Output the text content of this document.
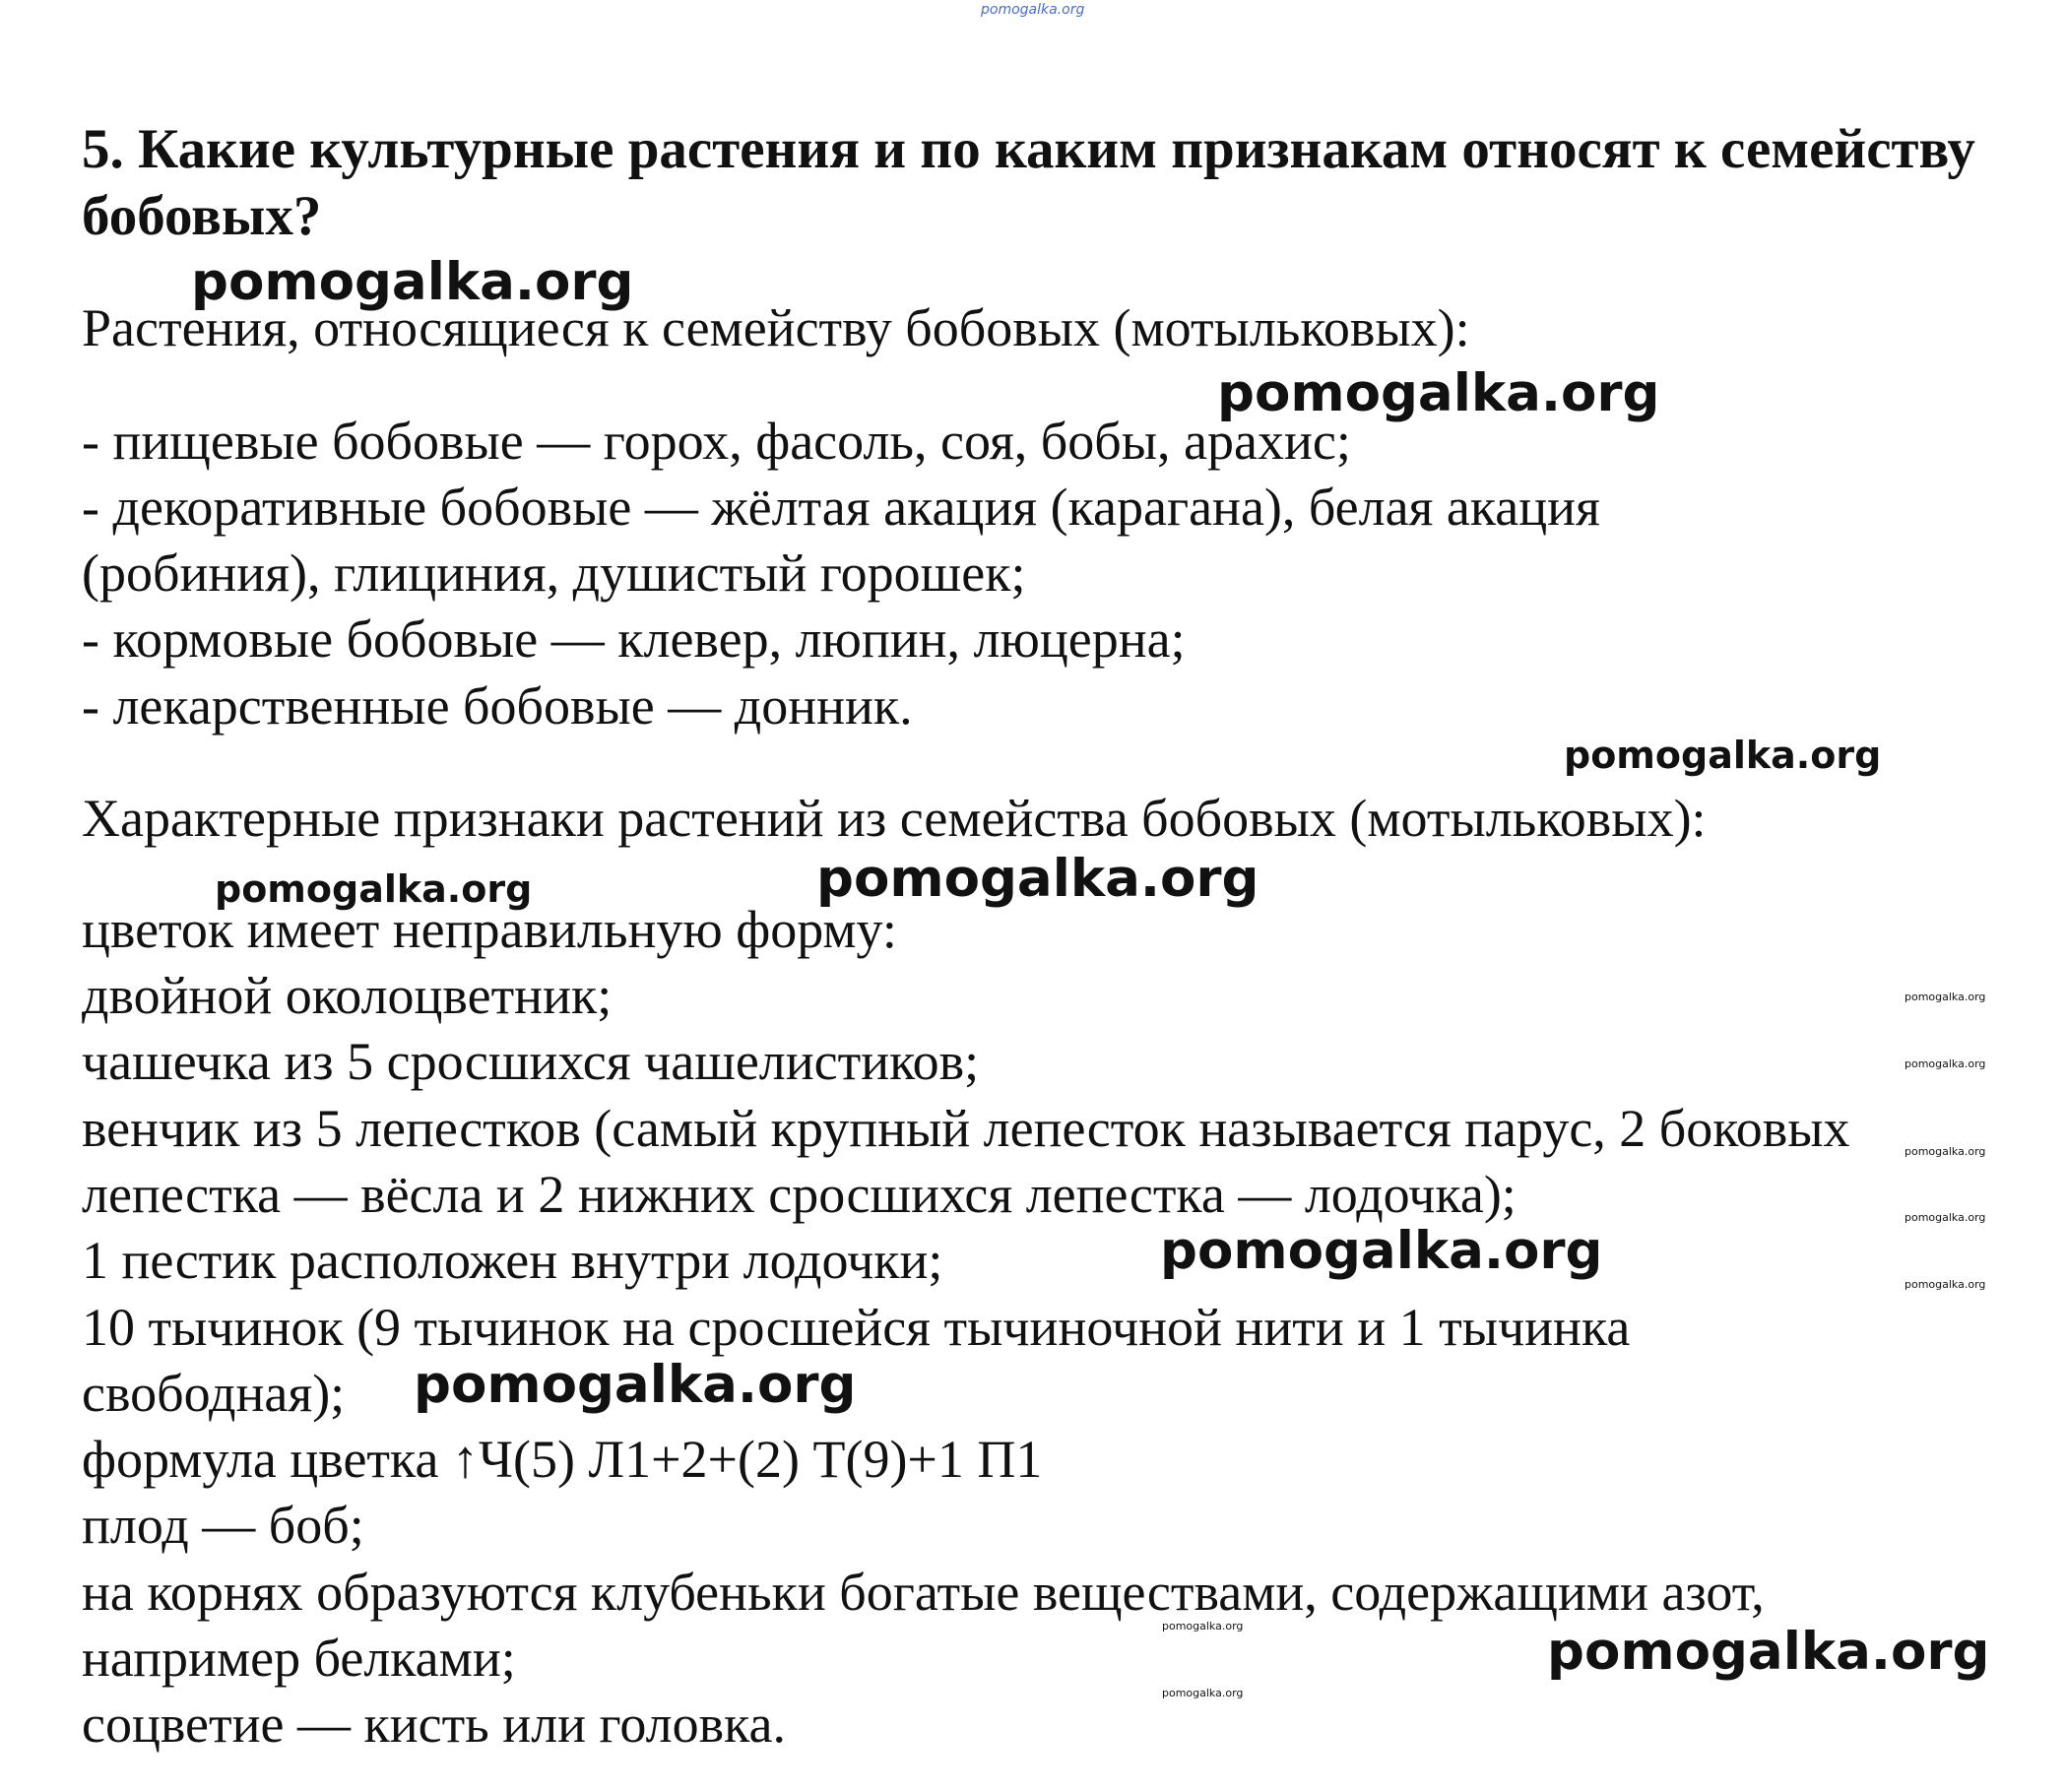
pomogalka.org
5. Какие культурные растения и по каким признакам относят к семейству бобовых?
pomogalka.org

Растения, относящиеся к семейству бобовых (мотыльковых):

pomogalka.org

- пищевые бобовые — горох, фасоль, соя, бобы, арахис;

- декоративные бобовые — жёлтая акация (карагана), белая акация

(робиния), глициния, душистый горошек;

- кормовые бобовые — клевер, люпин, люцерна;

- лекарственные бобовые — донник.

pomogalka.org

Характерные признаки растений из семейства бобовых (мотыльковых):

pomogalka.org	pomogalka.org

цветок имеет неправильную форму:

двойной околоцветник;

чашечка из 5 сросшихся чашелистиков;

венчик из 5 лепестков (самый крупный лепесток называется парус, 2 боковых

лепестка — вёсла и 2 нижних сросшихся лепестка — лодочка);

1 пестик расположен внутри лодочки;

10 тычинок (9 тычинок на сросшейся тычиночной нити и 1 тычинка

свободная);

формула цветка ↑Ч(5) Л1+2+(2) Т(9)+1 П1

плод — боб;

на корнях образуются клубеньки богатые веществами, содержащими азот,

например белками;

соцветие — кисть или головка.

pomogalka.org
pomogalka.org
pomogalka.org
pomogalka.org
pomogalka.org
pomogalka.org
pomogalka.org
pomogalka.org
pomogalka.org
pomogalka.org
